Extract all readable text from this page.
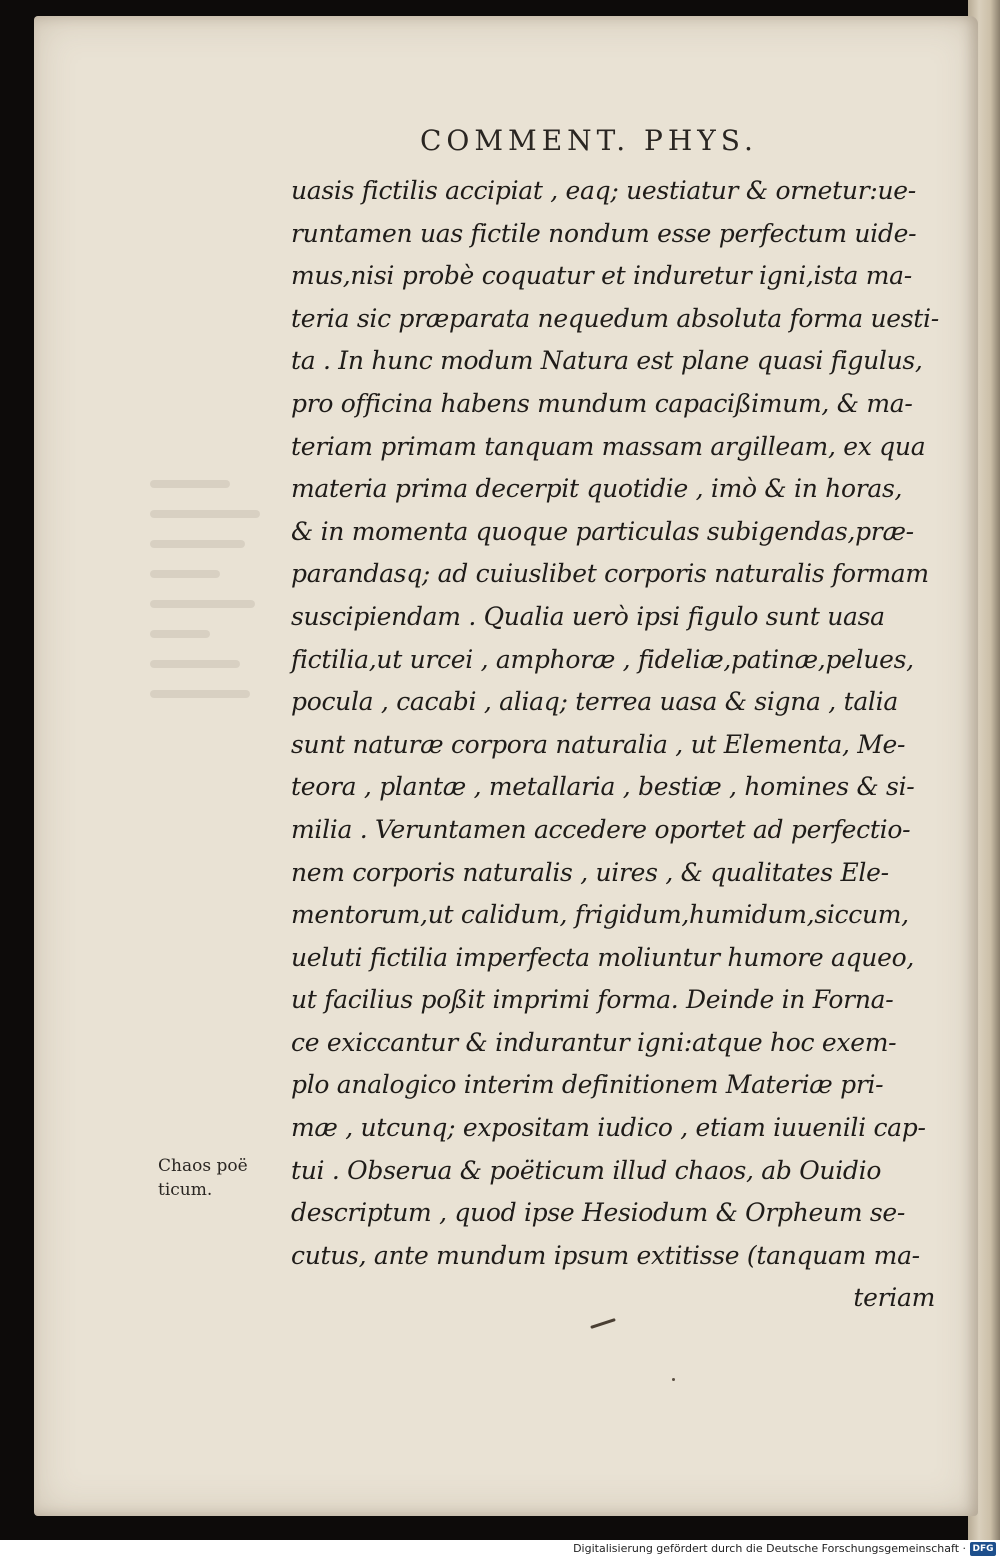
COMMENT. PHYS.
uasis fictilis accipiat , eaq; uestiatur & ornetur:ue-
runtamen uas fictile nondum esse perfectum uide-
mus,nisi probè coquatur et induretur igni,ista ma-
teria sic præparata nequedum absoluta forma uesti-
ta . In hunc modum Natura est plane quasi figulus,
pro officina habens mundum capacißimum, & ma-
teriam primam tanquam massam argilleam, ex qua
materia prima decerpit quotidie , imò & in horas,
& in momenta quoque particulas subigendas,præ-
parandasq; ad cuiuslibet corporis naturalis formam
suscipiendam . Qualia uerò ipsi figulo sunt uasa
fictilia,ut urcei , amphoræ , fideliæ,patinæ,pelues,
pocula , cacabi , aliaq; terrea uasa & signa , talia
sunt naturæ corpora naturalia , ut Elementa, Me-
teora , plantæ , metallaria , bestiæ , homines & si-
milia . Veruntamen accedere oportet ad perfectio-
nem corporis naturalis , uires , & qualitates Ele-
mentorum,ut calidum, frigidum,humidum,siccum,
ueluti fictilia imperfecta moliuntur humore aqueo,
ut facilius poßit imprimi forma. Deinde in Forna-
ce exiccantur & indurantur igni:atque hoc exem-
plo analogico interim definitionem Materiæ pri-
mæ , utcunq; expositam iudico , etiam iuuenili cap-
tui . Obserua & poëticum illud chaos, ab Ouidio
descriptum , quod ipse Hesiodum & Orpheum se-
cutus, ante mundum ipsum extitisse (tanquam ma-
teriam
Chaos poë
ticum.
Digitalisierung gefördert durch die Deutsche Forschungsgemeinschaft · DFG
